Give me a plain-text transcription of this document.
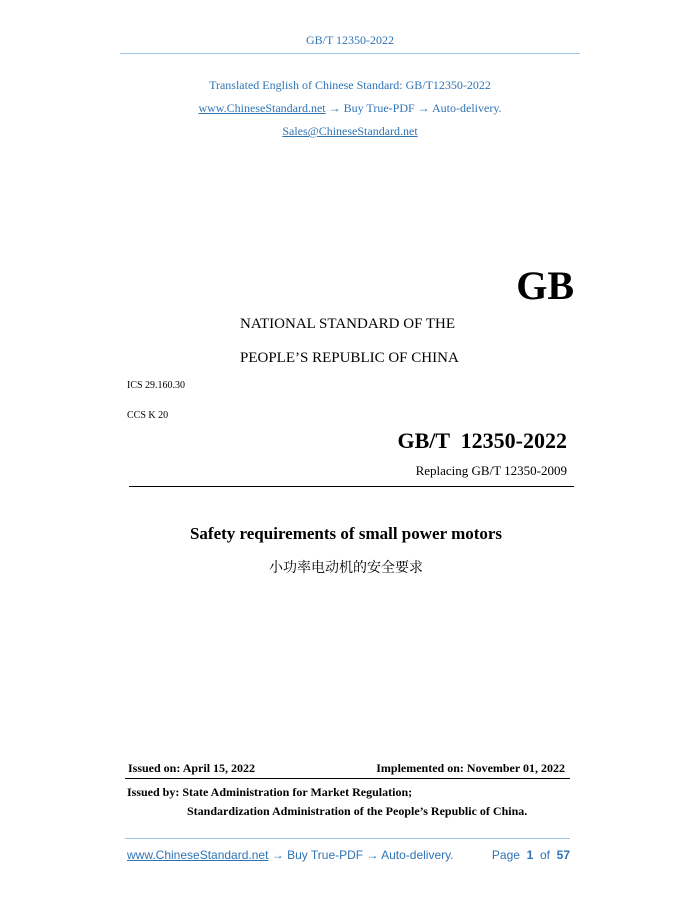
GB/T 12350-2022
Translated English of Chinese Standard: GB/T12350-2022
www.ChineseStandard.net → Buy True-PDF → Auto-delivery.
Sales@ChineseStandard.net
GB
NATIONAL STANDARD OF THE
PEOPLE’S REPUBLIC OF CHINA
ICS 29.160.30
CCS K 20
GB/T  12350-2022
Replacing GB/T 12350-2009
Safety requirements of small power motors
小功率电动机的安全要求
Issued on: April 15, 2022	Implemented on: November 01, 2022
Issued by: State Administration for Market Regulation;
Standardization Administration of the People’s Republic of China.
www.ChineseStandard.net → Buy True-PDF → Auto-delivery.	Page 1 of 57
